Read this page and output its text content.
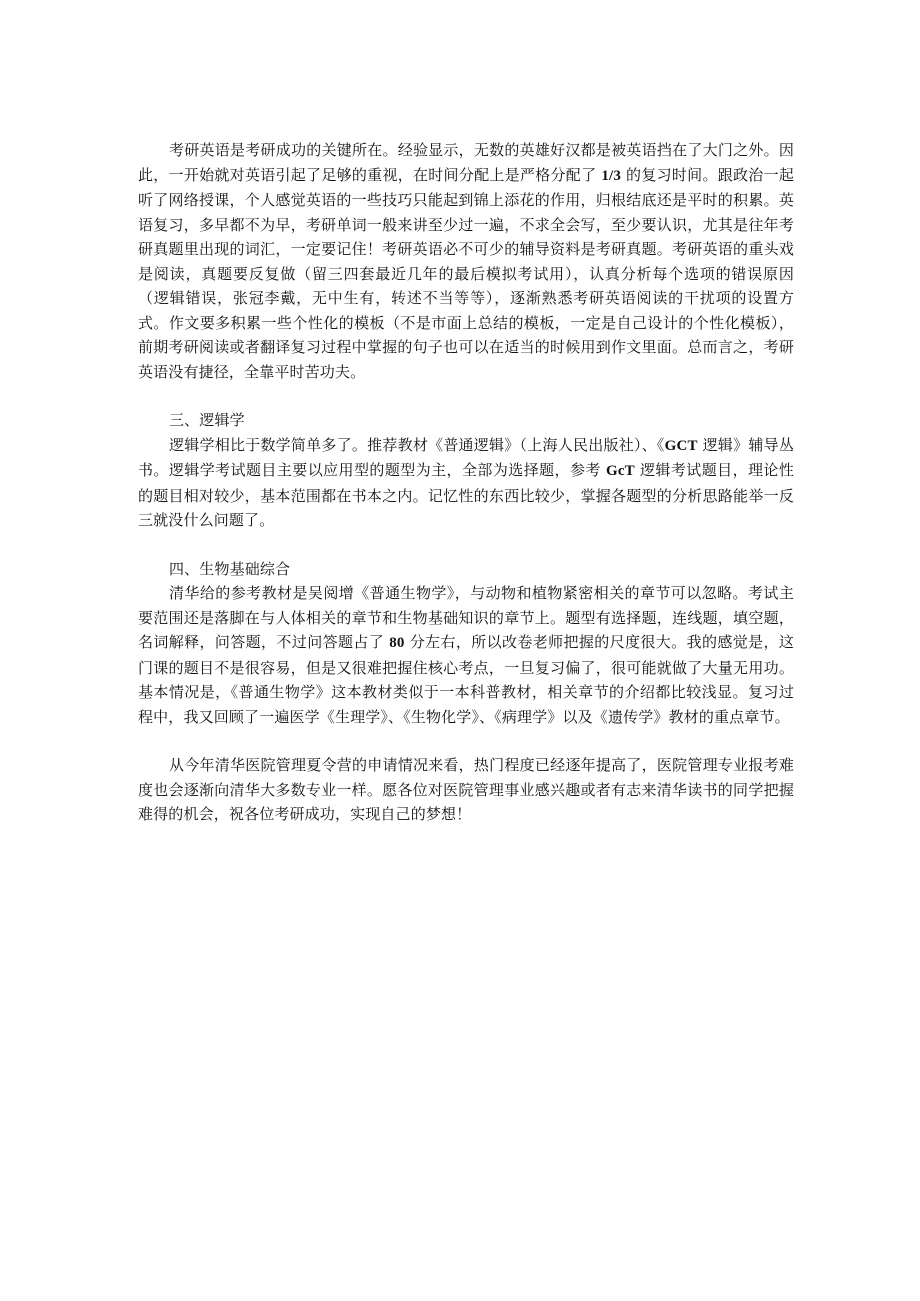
考研英语是考研成功的关键所在。经验显示，无数的英雄好汉都是被英语挡在了大门之外。因此，一开始就对英语引起了足够的重视，在时间分配上是严格分配了 1/3 的复习时间。跟政治一起听了网络授课，个人感觉英语的一些技巧只能起到锦上添花的作用，归根结底还是平时的积累。英语复习，多早都不为早，考研单词一般来讲至少过一遍，不求全会写，至少要认识，尤其是往年考研真题里出现的词汇，一定要记住！考研英语必不可少的辅导资料是考研真题。考研英语的重头戏是阅读，真题要反复做（留三四套最近几年的最后模拟考试用），认真分析每个选项的错误原因（逻辑错误，张冠李戴，无中生有，转述不当等等），逐渐熟悉考研英语阅读的干扰项的设置方式。作文要多积累一些个性化的模板（不是市面上总结的模板，一定是自己设计的个性化模板），前期考研阅读或者翻译复习过程中掌握的句子也可以在适当的时候用到作文里面。总而言之，考研英语没有捷径，全靠平时苦功夫。

三、逻辑学

逻辑学相比于数学简单多了。推荐教材《普通逻辑》（上海人民出版社）、《GCT 逻辑》辅导丛书。逻辑学考试题目主要以应用型的题型为主，全部为选择题，参考 GcT 逻辑考试题目，理论性的题目相对较少，基本范围都在书本之内。记忆性的东西比较少，掌握各题型的分析思路能举一反三就没什么问题了。

四、生物基础综合

清华给的参考教材是吴阅增《普通生物学》，与动物和植物紧密相关的章节可以忽略。考试主要范围还是落脚在与人体相关的章节和生物基础知识的章节上。题型有选择题，连线题，填空题，名词解释，问答题，不过问答题占了 80 分左右，所以改卷老师把握的尺度很大。我的感觉是，这门课的题目不是很容易，但是又很难把握住核心考点，一旦复习偏了，很可能就做了大量无用功。基本情况是，《普通生物学》这本教材类似于一本科普教材，相关章节的介绍都比较浅显。复习过程中，我又回顾了一遍医学《生理学》、《生物化学》、《病理学》以及《遗传学》教材的重点章节。

从今年清华医院管理夏令营的申请情况来看，热门程度已经逐年提高了，医院管理专业报考难度也会逐渐向清华大多数专业一样。愿各位对医院管理事业感兴趣或者有志来清华读书的同学把握难得的机会，祝各位考研成功，实现自己的梦想！
